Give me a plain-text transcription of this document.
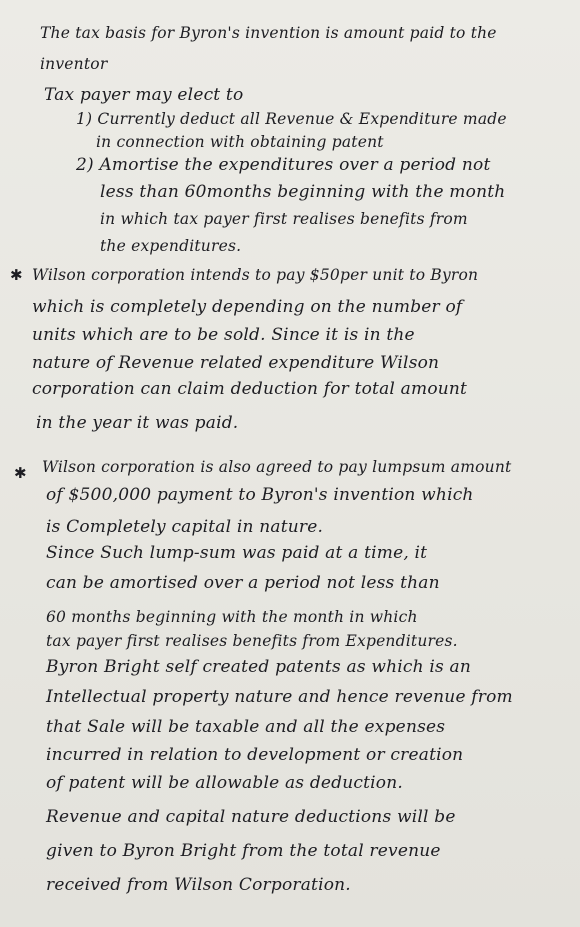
The tax basis for Byron's invention is amount paid to the
inventor
Tax payer may elect to
1) Currently deduct all Revenue & Expenditure made
in connection with obtaining patent
2) Amortise the expenditures over a period not
less than 60months beginning with the month
in which tax payer first realises benefits from
the expenditures.
✱ Wilson corporation intends to pay $50per unit to Byron
which is completely depending on the number of
units which are to be sold. Since it is in the
nature of Revenue related expenditure Wilson
corporation can claim deduction for total amount
in the year it was paid.
✱ Wilson corporation is also agreed to pay lumpsum amount
of $500,000 payment to Byron's invention which
is Completely capital in nature.
Since Such lump-sum was paid at a time, it
can be amortised over a period not less than
60 months beginning with the month in which
tax payer first realises benefits from Expenditures.
Byron Bright self created patents as which is an
Intellectual property nature and hence revenue from
that Sale will be taxable and all the expenses
incurred in relation to development or creation
of patent will be allowable as deduction.
Revenue and capital nature deductions will be
given to Byron Bright from the total revenue
received from Wilson Corporation.
